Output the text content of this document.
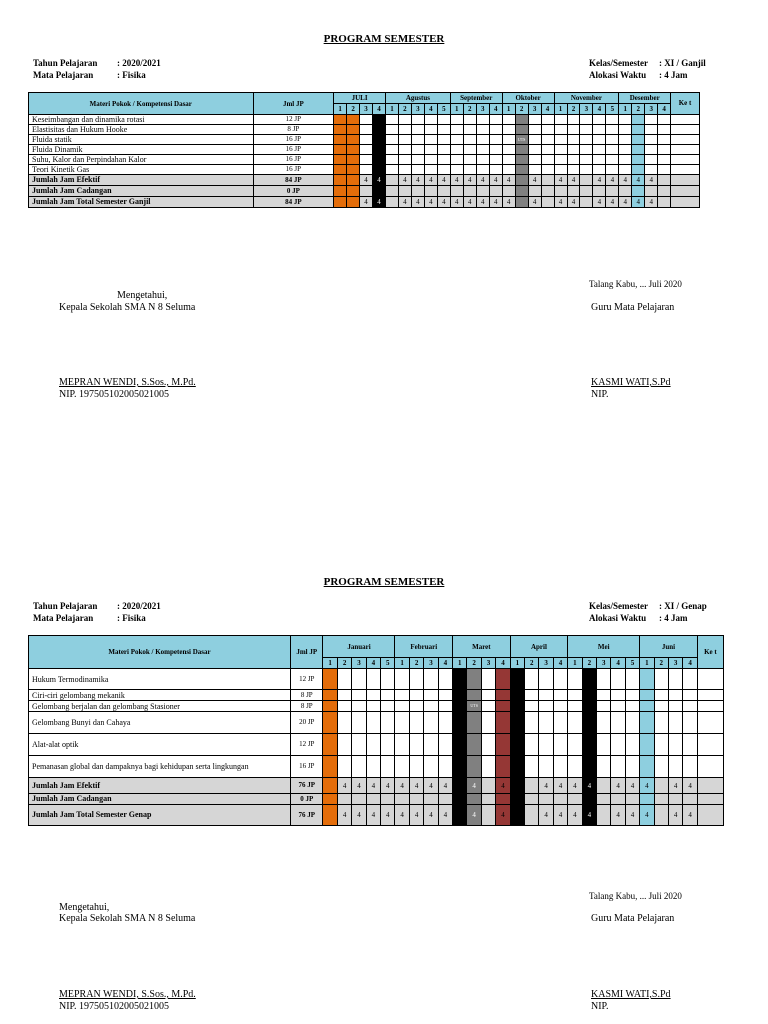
PROGRAM SEMESTER
Tahun Pelajaran : 2020/2021
Mata Pelajaran	: Fisika
Kelas/Semester : XI / Ganjil
Alokasi Waktu : 4 Jam
Materi Pokok / Kompetensi Dasar	Jml JP	JULI				Agustus					September				Oktober				November					Desember				Ke t
		1	2	3	4	1	2	3	4	5	1	2	3	4	1	2	3	4	1	2	3	4	5	1	2	3	4	
Keseimbangan dan dinamika rotasi	12 JP																											
Elastisitas dan Hukum Hooke	8 JP																											
Fluida statik	16 JP															UTS												
Fluida Dinamik	16 JP																											
Suhu, Kalor dan Perpindahan Kalor	16 JP																											
Teori Kinetik Gas	16 JP																											
Jumlah Jam Efektif	84 JP			4	4		4	4	4	4	4	4	4	4	4		4		4	4		4	4	4	4	4		
Jumlah Jam Cadangan	0 JP																											
Jumlah Jam Total Semester Ganjil	84 JP			4	4		4	4	4	4	4	4	4	4	4		4		4	4		4	4	4	4	4		
Talang Kabu, ... Juli 2020
Mengetahui,
Kepala Sekolah SMA N 8 Seluma	Guru Mata Pelajaran
MEPRAN WENDI, S.Sos., M.Pd.
NIP. 197505102005021005
KASMI WATI,S.Pd
NIP.
PROGRAM SEMESTER
Tahun Pelajaran : 2020/2021
Mata Pelajaran	: Fisika
Kelas/Semester : XI / Genap
Alokasi Waktu : 4 Jam
Materi Pokok / Kompetensi Dasar	Jml JP	Januari					Februari				Maret				April				Mei					Juni				Ke t
		1	2	3	4	5	1	2	3	4	1	2	3	4	1	2	3	4	1	2	3	4	5	1	2	3	4	
Hukum Termodinamika	12 JP																											
Ciri-ciri gelombang mekanik	8 JP																											
Gelombang berjalan dan gelombang Stasioner	8 JP											UTS																
Gelombang Bunyi dan Cahaya	20 JP																											
Alat-alat optik	12 JP																											
Pemanasan global dan dampaknya bagi kehidupan serta lingkungan	16 JP																											
Jumlah Jam Efektif	76 JP		4	4	4	4	4	4	4	4		4		4			4	4	4	4		4	4	4		4	4	
Jumlah Jam Cadangan	0 JP																											
Jumlah Jam Total Semester Genap	76 JP		4	4	4	4	4	4	4	4		4		4			4	4	4	4		4	4	4		4	4	
Talang Kabu, ... Juli 2020
Mengetahui,
Kepala Sekolah SMA N 8 Seluma	Guru Mata Pelajaran
MEPRAN WENDI, S.Sos., M.Pd.
NIP. 197505102005021005
KASMI WATI,S.Pd
NIP.
